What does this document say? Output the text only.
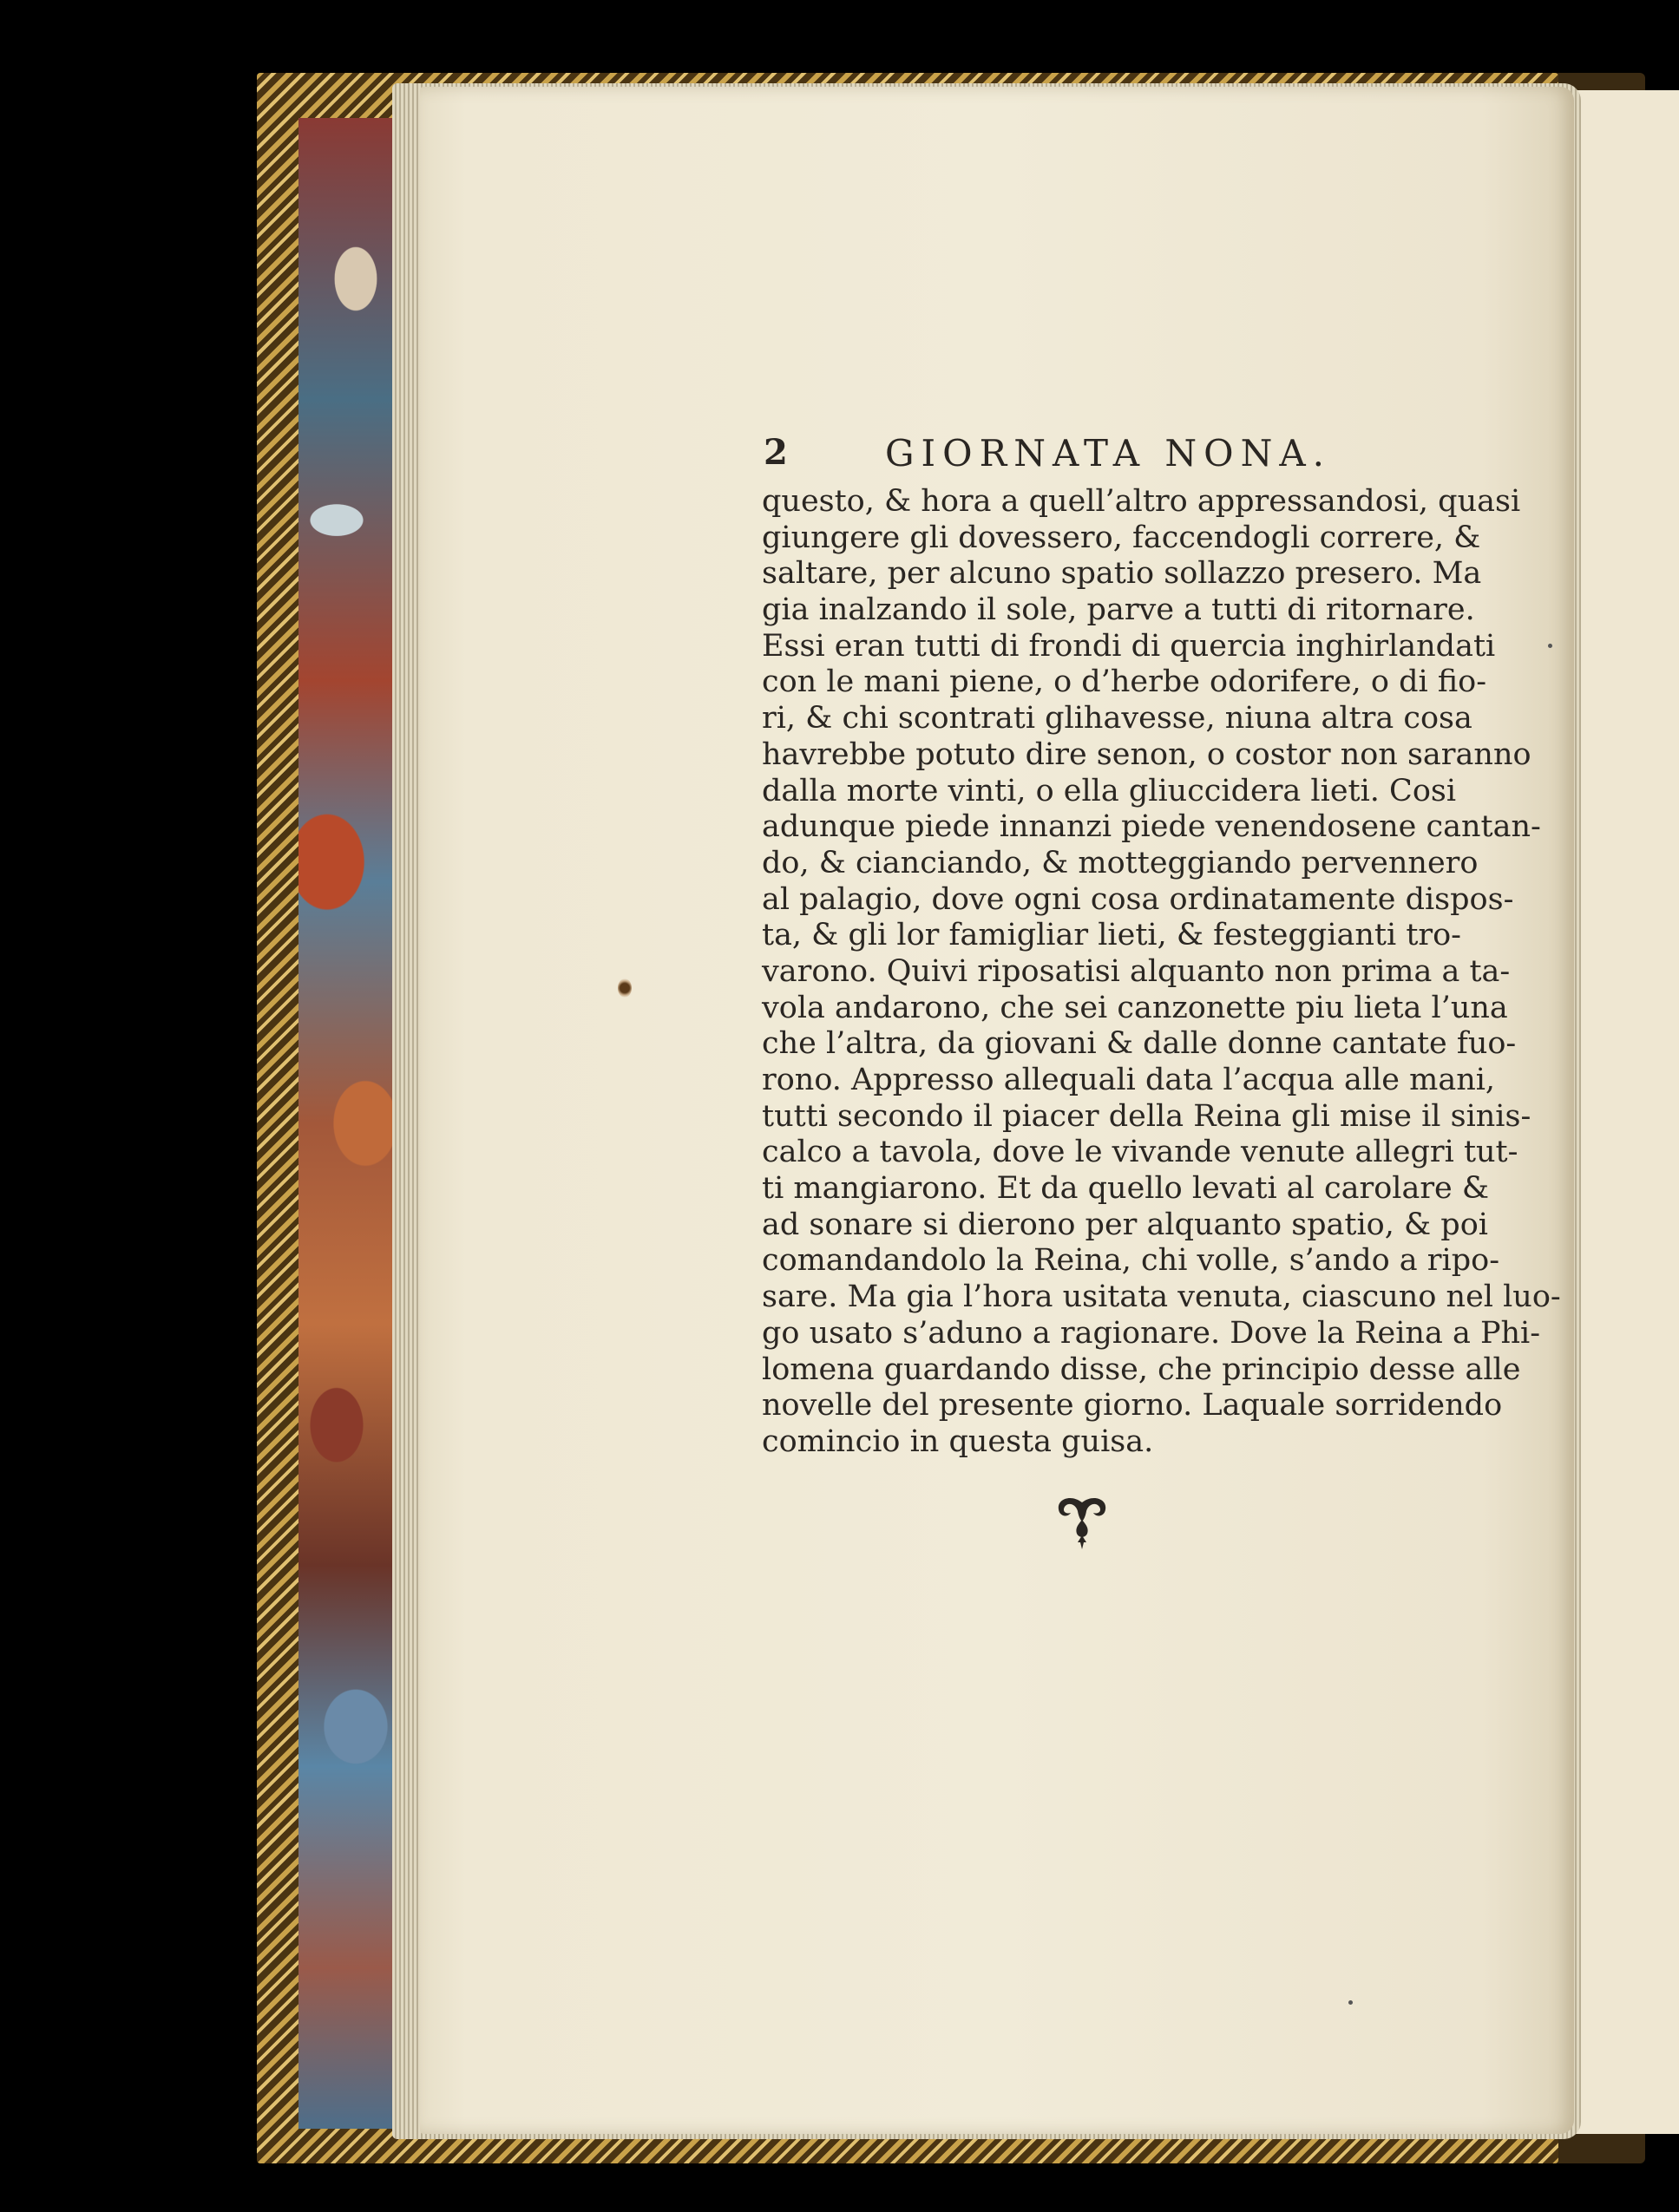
2	GIORNATA NONA.
questo, & hora a quell’altro appressandosi, quasi
giungere gli dovessero, faccendogli correre, &
saltare, per alcuno spatio sollazzo presero. Ma
gia inalzando il sole, parve a tutti di ritornare.
Essi eran tutti di frondi di quercia inghirlandati
con le mani piene, o d’herbe odorifere, o di fio-
ri, & chi scontrati glihavesse, niuna altra cosa
havrebbe potuto dire senon, o costor non saranno
dalla morte vinti, o ella gliuccidera lieti. Cosi
adunque piede innanzi piede venendosene cantan-
do, & cianciando, & motteggiando pervennero
al palagio, dove ogni cosa ordinatamente dispos-
ta, & gli lor famigliar lieti, & festeggianti tro-
varono. Quivi riposatisi alquanto non prima a ta-
vola andarono, che sei canzonette piu lieta l’una
che l’altra, da giovani & dalle donne cantate fuo-
rono. Appresso allequali data l’acqua alle mani,
tutti secondo il piacer della Reina gli mise il sinis-
calco a tavola, dove le vivande venute allegri tut-
ti mangiarono. Et da quello levati al carolare &
ad sonare si dierono per alquanto spatio, & poi
comandandolo la Reina, chi volle, s’ando a ripo-
sare. Ma gia l’hora usitata venuta, ciascuno nel luo-
go usato s’aduno a ragionare. Dove la Reina a Phi-
lomena guardando disse, che principio desse alle
novelle del presente giorno. Laquale sorridendo
comincio in questa guisa.
